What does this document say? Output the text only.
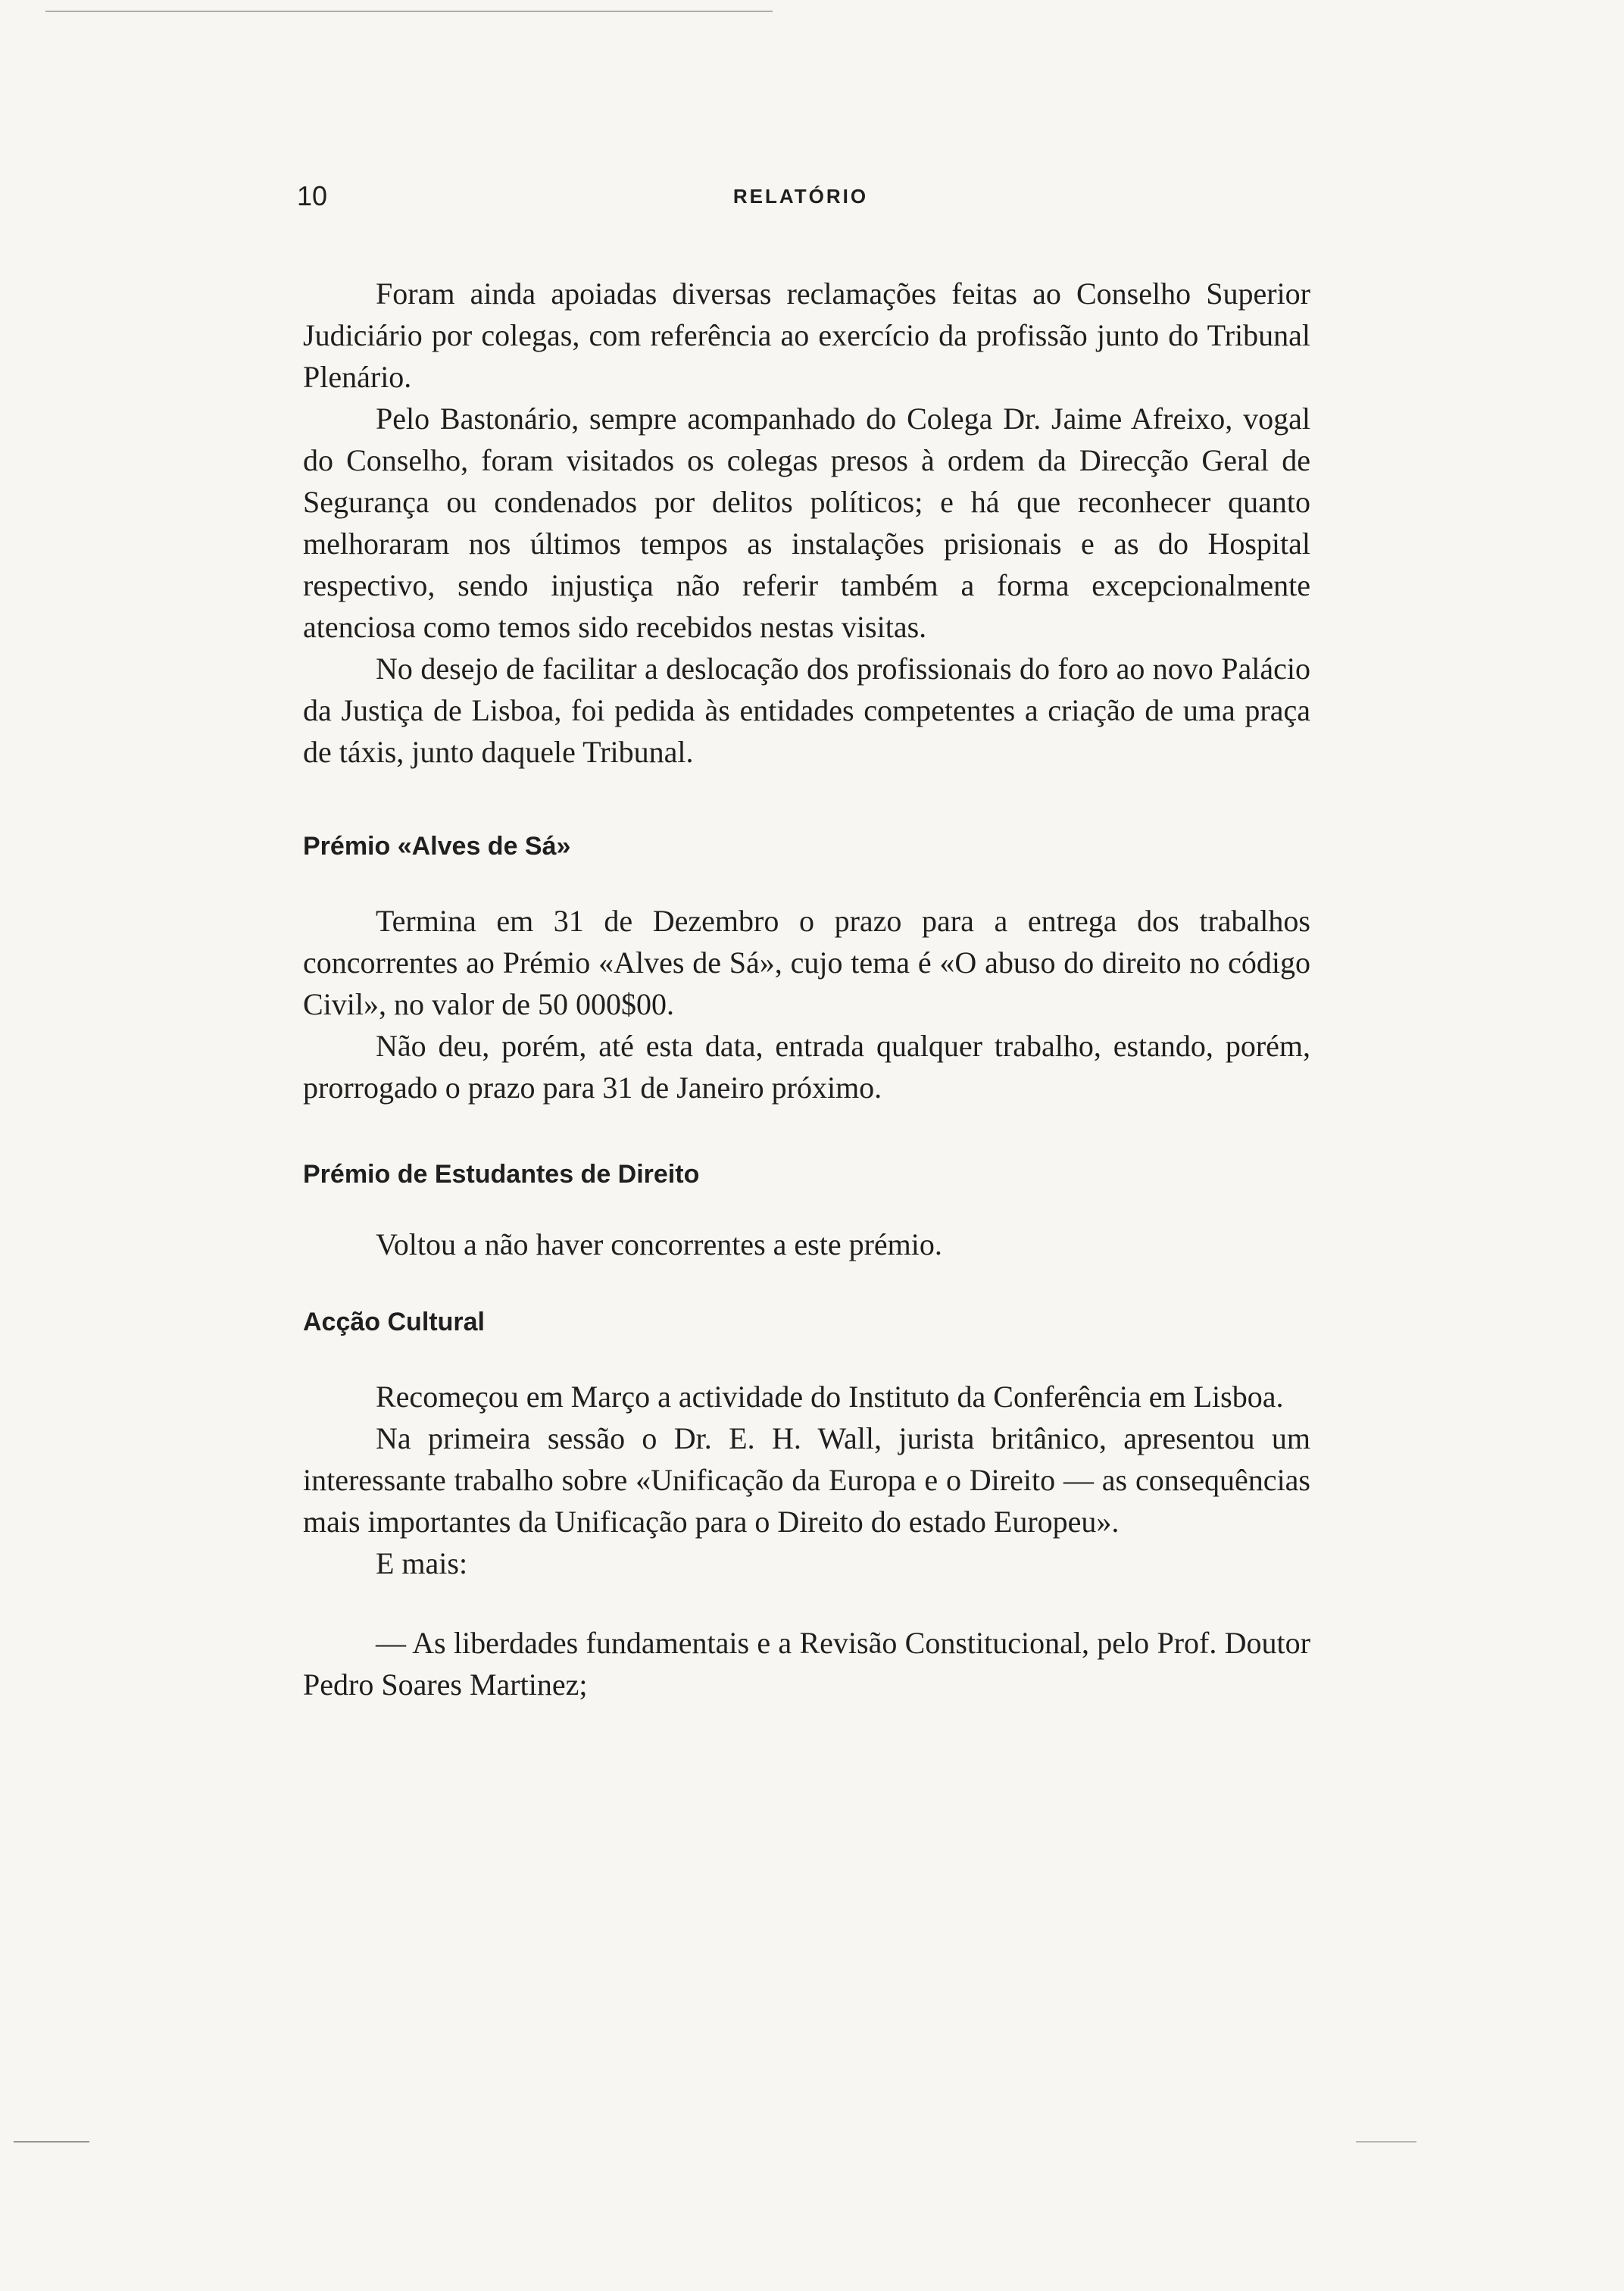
10	RELATÓRIO

Foram ainda apoiadas diversas reclamações feitas ao Conselho Superior Judiciário por colegas, com referência ao exercício da profissão junto do Tribunal Plenário.

Pelo Bastonário, sempre acompanhado do Colega Dr. Jaime Afreixo, vogal do Conselho, foram visitados os colegas presos à ordem da Direcção Geral de Segurança ou condenados por delitos políticos; e há que reconhecer quanto melhoraram nos últimos tempos as instalações prisionais e as do Hospital respectivo, sendo injustiça não referir também a forma excepcionalmente atenciosa como temos sido recebidos nestas visitas.

No desejo de facilitar a deslocação dos profissionais do foro ao novo Palácio da Justiça de Lisboa, foi pedida às entidades competentes a criação de uma praça de táxis, junto daquele Tribunal.

Prémio «Alves de Sá»

Termina em 31 de Dezembro o prazo para a entrega dos trabalhos concorrentes ao Prémio «Alves de Sá», cujo tema é «O abuso do direito no código Civil», no valor de 50 000$00.

Não deu, porém, até esta data, entrada qualquer trabalho, estando, porém, prorrogado o prazo para 31 de Janeiro próximo.

Prémio de Estudantes de Direito

Voltou a não haver concorrentes a este prémio.

Acção Cultural

Recomeçou em Março a actividade do Instituto da Conferência em Lisboa.

Na primeira sessão o Dr. E. H. Wall, jurista britânico, apresentou um interessante trabalho sobre «Unificação da Europa e o Direito — as consequências mais importantes da Unificação para o Direito do estado Europeu».

E mais:

— As liberdades fundamentais e a Revisão Constitucional, pelo Prof. Doutor Pedro Soares Martinez;
